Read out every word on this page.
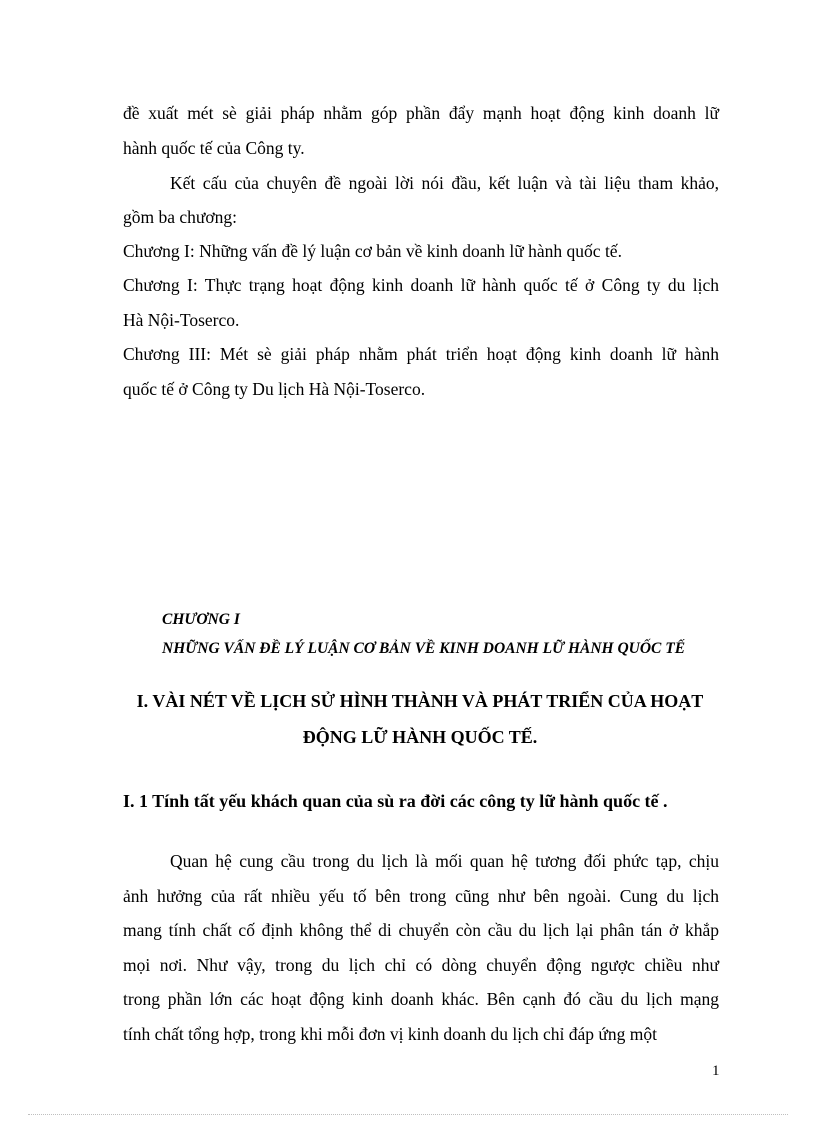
đề xuất mét sè giải pháp nhằm góp phần đẩy mạnh hoạt động kinh doanh lữ
hành quốc tế của Công ty.
Kết cấu của chuyên đề ngoài lời nói đầu, kết luận và tài liệu tham khảo,
gồm ba chương:
Chương I: Những vấn đề lý luận cơ bản về kinh doanh lữ hành quốc tế.
Chương I: Thực trạng hoạt động kinh doanh lữ hành quốc tế ở Công ty du lịch
Hà Nội-Toserco.
Chương III: Mét sè giải pháp nhằm phát triển hoạt động kinh doanh lữ hành
quốc tế ở Công ty Du lịch Hà Nội-Toserco.
CHƯƠNG I
NHỮNG VẤN ĐỀ LÝ LUẬN CƠ BẢN VỀ KINH DOANH LỮ HÀNH QUỐC TẾ
I. VÀI NÉT VỀ LỊCH SỬ HÌNH THÀNH VÀ PHÁT TRIỂN CỦA HOẠT
ĐỘNG LỮ HÀNH QUỐC TẾ.
I. 1 Tính tất yếu khách quan của sù ra đời các công ty lữ hành quốc tế .
Quan hệ cung cầu trong du lịch là mối quan hệ tương đối phức tạp, chịu
ảnh hưởng của rất nhiều yếu tố bên trong cũng như bên ngoài. Cung du lịch
mang tính chất cố định không thể di chuyển còn cầu du lịch lại phân tán ở khắp
mọi nơi. Như vậy, trong du lịch chỉ có dòng chuyển động ngược chiều như
trong phần lớn các hoạt động kinh doanh khác. Bên cạnh đó cầu du lịch mạng
tính chất tổng hợp, trong khi mỗi đơn vị kinh doanh du lịch chỉ đáp ứng một
1
